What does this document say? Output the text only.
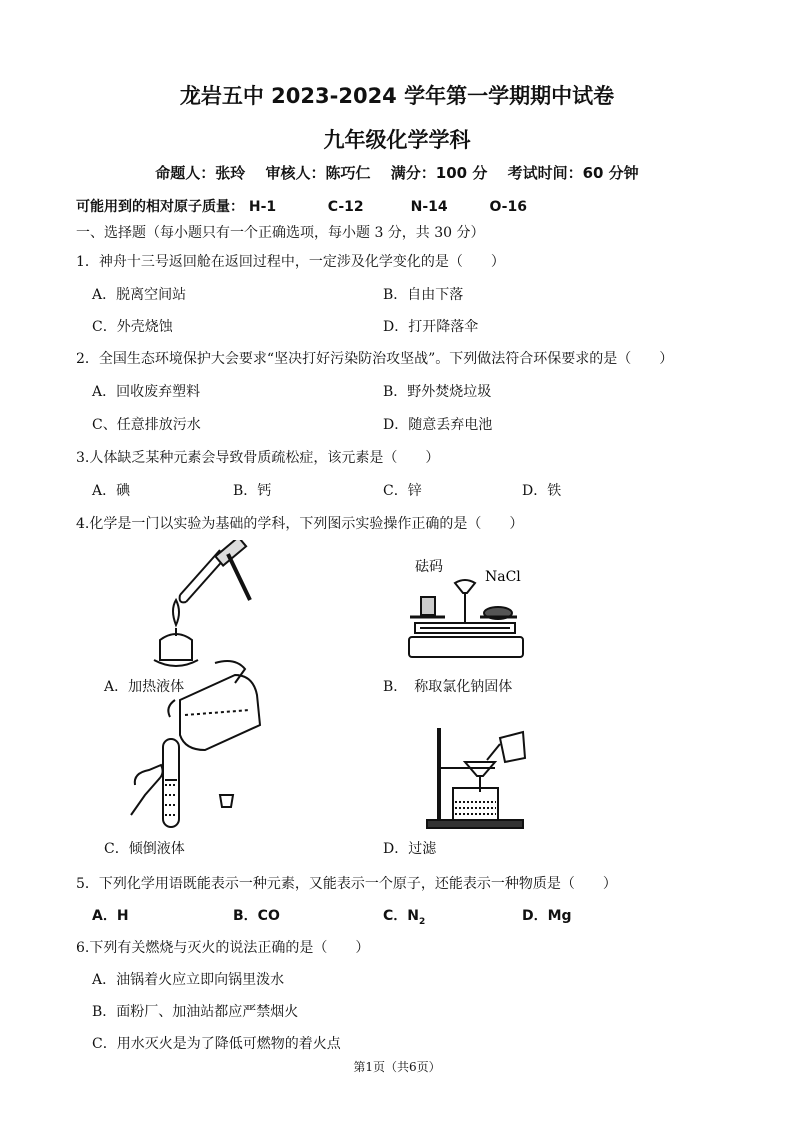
龙岩五中 2023-2024 学年第一学期期中试卷
九年级化学学科
命题人：张玲　 审核人：陈巧仁　 满分：100 分　 考试时间：60 分钟
可能用到的相对原子质量： H-1	C-12	N-14	O-16
一、选择题（每小题只有一个正确选项，每小题 3 分，共 30 分）
1．神舟十三号返回舱在返回过程中，一定涉及化学变化的是（　　）
A．脱离空间站	B．自由下落
C．外壳烧蚀	D．打开降落伞
2．全国生态环境保护大会要求“坚决打好污染防治攻坚战”。下列做法符合环保要求的是（　　）
A．回收废弃塑料	B．野外焚烧垃圾
C、任意排放污水	D．随意丢弃电池
3.人体缺乏某种元素会导致骨质疏松症，该元素是（　　）
A．碘	B．钙	C．锌	D．铁
4.化学是一门以实验为基础的学科，下列图示实验操作正确的是（　　）
砝码
NaCl
A．加热液体	B．　称取氯化钠固体
C．倾倒液体	D．过滤
5．下列化学用语既能表示一种元素，又能表示一个原子，还能表示一种物质是（　　）
A．H	B．CO	C．$N_2$	D．Mg
6.下列有关燃烧与灭火的说法正确的是（　　）
A．油锅着火应立即向锅里泼水
B．面粉厂、加油站都应严禁烟火
C．用水灭火是为了降低可燃物的着火点
第1页（共6页）
